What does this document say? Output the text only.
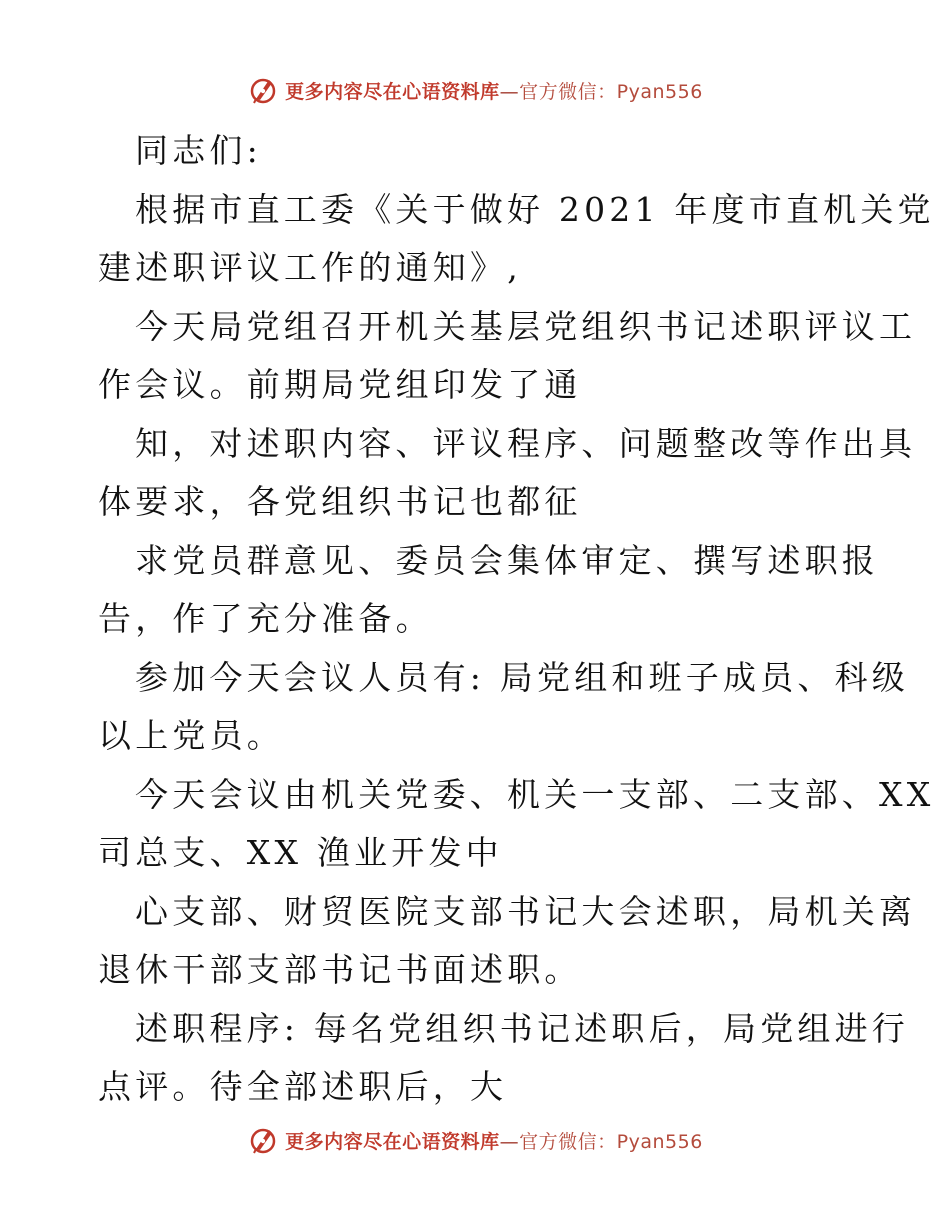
更多内容尽在心语资料库—官方微信：Pyan556
同志们:
根据市直工委《关于做好 2021 年度市直机关党
建述职评议工作的通知》,
今天局党组召开机关基层党组织书记述职评议工
作会议。前期局党组印发了通
知，对述职内容、评议程序、问题整改等作出具
体要求，各党组织书记也都征
求党员群意见、委员会集体审定、撰写述职报
告，作了充分准备。
参加今天会议人员有: 局党组和班子成员、科级
以上党员。
今天会议由机关党委、机关一支部、二支部、XX
司总支、XX 渔业开发中
心支部、财贸医院支部书记大会述职，局机关离
退休干部支部书记书面述职。
述职程序: 每名党组织书记述职后，局党组进行
点评。待全部述职后，大
更多内容尽在心语资料库—官方微信：Pyan556
